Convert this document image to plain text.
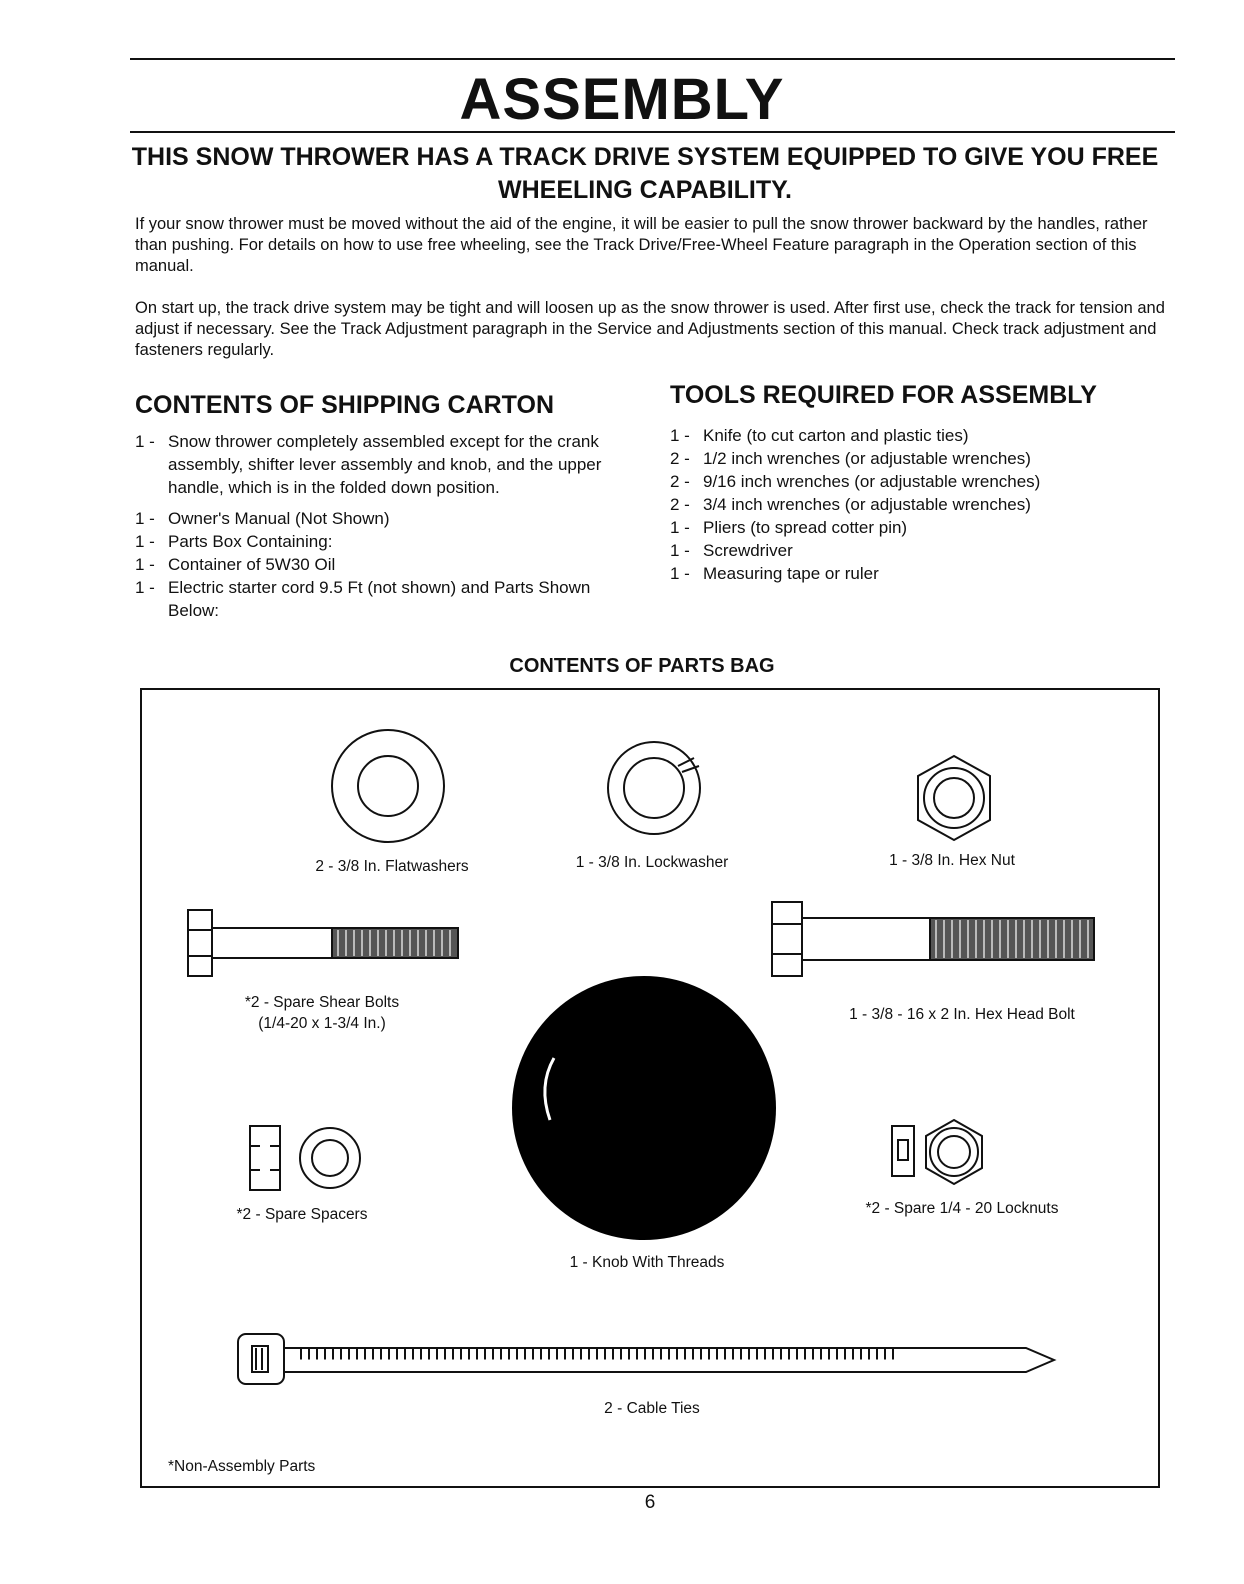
ASSEMBLY
THIS SNOW THROWER HAS A TRACK DRIVE SYSTEM EQUIPPED TO GIVE YOU FREE WHEELING CAPABILITY.
If your snow thrower must be moved without the aid of the engine, it will be easier to pull the snow thrower backward by the handles, rather than pushing. For details on how to use free wheeling, see the Track Drive/Free-Wheel Feature paragraph in the Operation section of this manual.
On start up, the track drive system may be tight and will loosen up as the snow thrower is used. After first use, check the track for tension and adjust if necessary. See the Track Adjustment paragraph in the Service and Adjustments section of this manual. Check track adjustment and fasteners regularly.
CONTENTS OF SHIPPING CARTON
1 - Snow thrower completely assembled except for the crank assembly, shifter lever assembly and knob, and the upper handle, which is in the folded down position.
1 - Owner's Manual (Not Shown)
1 - Parts Box Containing:
1 - Container of 5W30 Oil
1 - Electric starter cord 9.5 Ft (not shown) and Parts Shown Below:
TOOLS REQUIRED FOR ASSEMBLY
1 - Knife (to cut carton and plastic ties)
2 - 1/2 inch wrenches (or adjustable wrenches)
2 - 9/16 inch wrenches (or adjustable wrenches)
2 - 3/4 inch wrenches (or adjustable wrenches)
1 - Pliers (to spread cotter pin)
1 - Screwdriver
1 - Measuring tape or ruler
CONTENTS OF PARTS BAG
2 - 3/8 In. Flatwashers	1 - 3/8 In. Lockwasher	1 - 3/8 In. Hex Nut
*2 - Spare Shear Bolts
(1/4-20 x 1-3/4 In.)
1 - 3/8 - 16 x 2 In. Hex Head Bolt
1 - Knob With Threads
*2 - Spare Spacers	*2 - Spare 1/4 - 20 Locknuts
2 - Cable Ties
*Non-Assembly Parts
6
